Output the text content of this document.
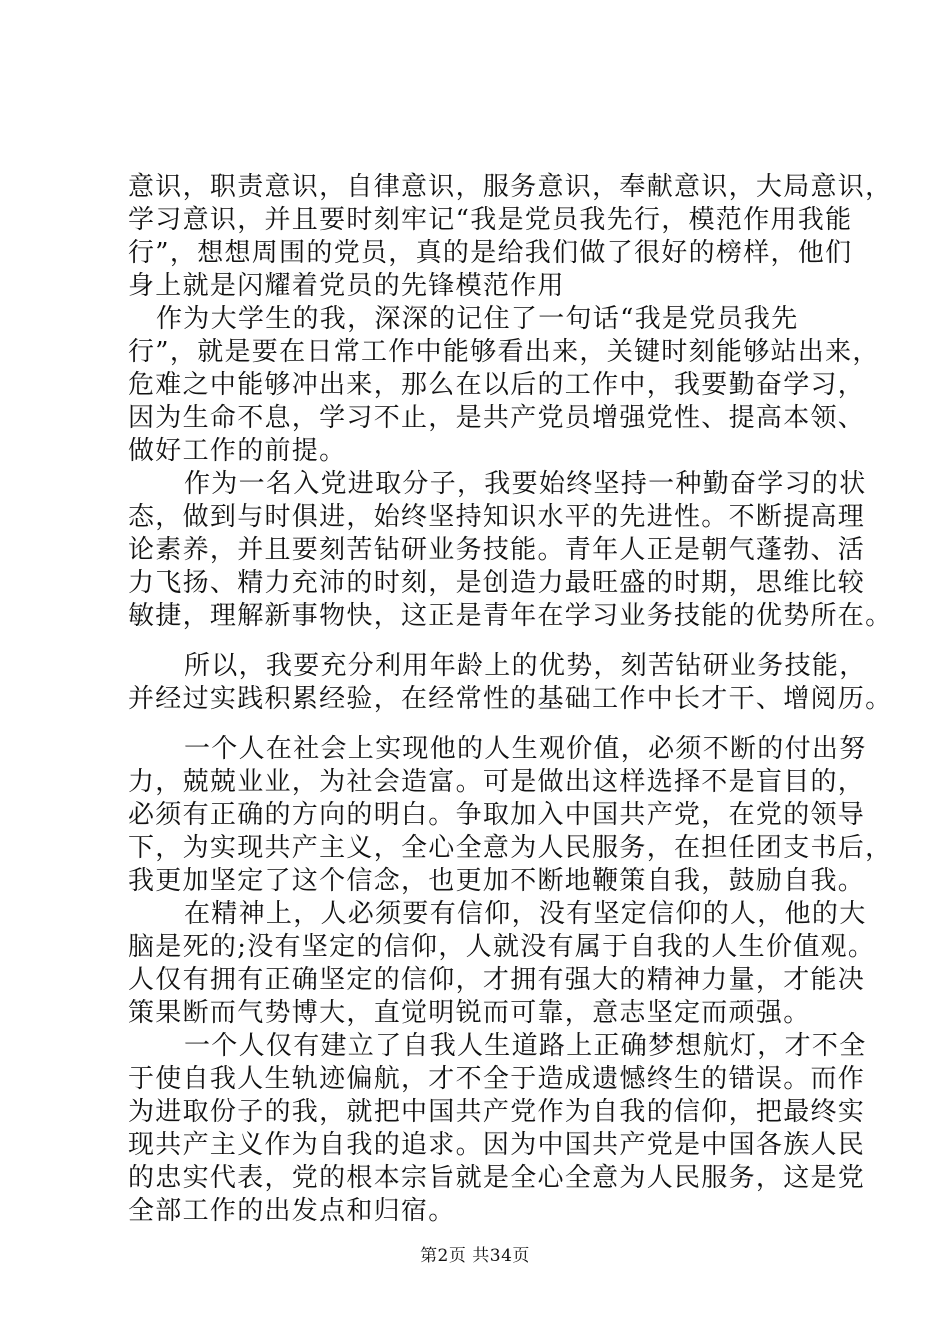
意识，职责意识，自律意识，服务意识，奉献意识，大局意识，
学习意识，并且要时刻牢记“我是党员我先行，模范作用我能
行”，想想周围的党员，真的是给我们做了很好的榜样，他们
身上就是闪耀着党员的先锋模范作用
作为大学生的我，深深的记住了一句话“我是党员我先
行”，就是要在日常工作中能够看出来，关键时刻能够站出来，
危难之中能够冲出来，那么在以后的工作中，我要勤奋学习，
因为生命不息，学习不止，是共产党员增强党性、提高本领、
做好工作的前提。
作为一名入党进取分子，我要始终坚持一种勤奋学习的状
态，做到与时俱进，始终坚持知识水平的先进性。不断提高理
论素养，并且要刻苦钻研业务技能。青年人正是朝气蓬勃、活
力飞扬、精力充沛的时刻，是创造力最旺盛的时期，思维比较
敏捷，理解新事物快，这正是青年在学习业务技能的优势所在。
所以，我要充分利用年龄上的优势，刻苦钻研业务技能，
并经过实践积累经验，在经常性的基础工作中长才干、增阅历。
一个人在社会上实现他的人生观价值，必须不断的付出努
力，兢兢业业，为社会造富。可是做出这样选择不是盲目的，
必须有正确的方向的明白。争取加入中国共产党，在党的领导
下，为实现共产主义，全心全意为人民服务，在担任团支书后，
我更加坚定了这个信念，也更加不断地鞭策自我，鼓励自我。
在精神上，人必须要有信仰，没有坚定信仰的人，他的大
脑是死的;没有坚定的信仰，人就没有属于自我的人生价值观。
人仅有拥有正确坚定的信仰，才拥有强大的精神力量，才能决
策果断而气势博大，直觉明锐而可靠，意志坚定而顽强。
一个人仅有建立了自我人生道路上正确梦想航灯，才不全
于使自我人生轨迹偏航，才不全于造成遗憾终生的错误。而作
为进取份子的我，就把中国共产党作为自我的信仰，把最终实
现共产主义作为自我的追求。因为中国共产党是中国各族人民
的忠实代表，党的根本宗旨就是全心全意为人民服务，这是党
全部工作的出发点和归宿。
第2页 共34页
